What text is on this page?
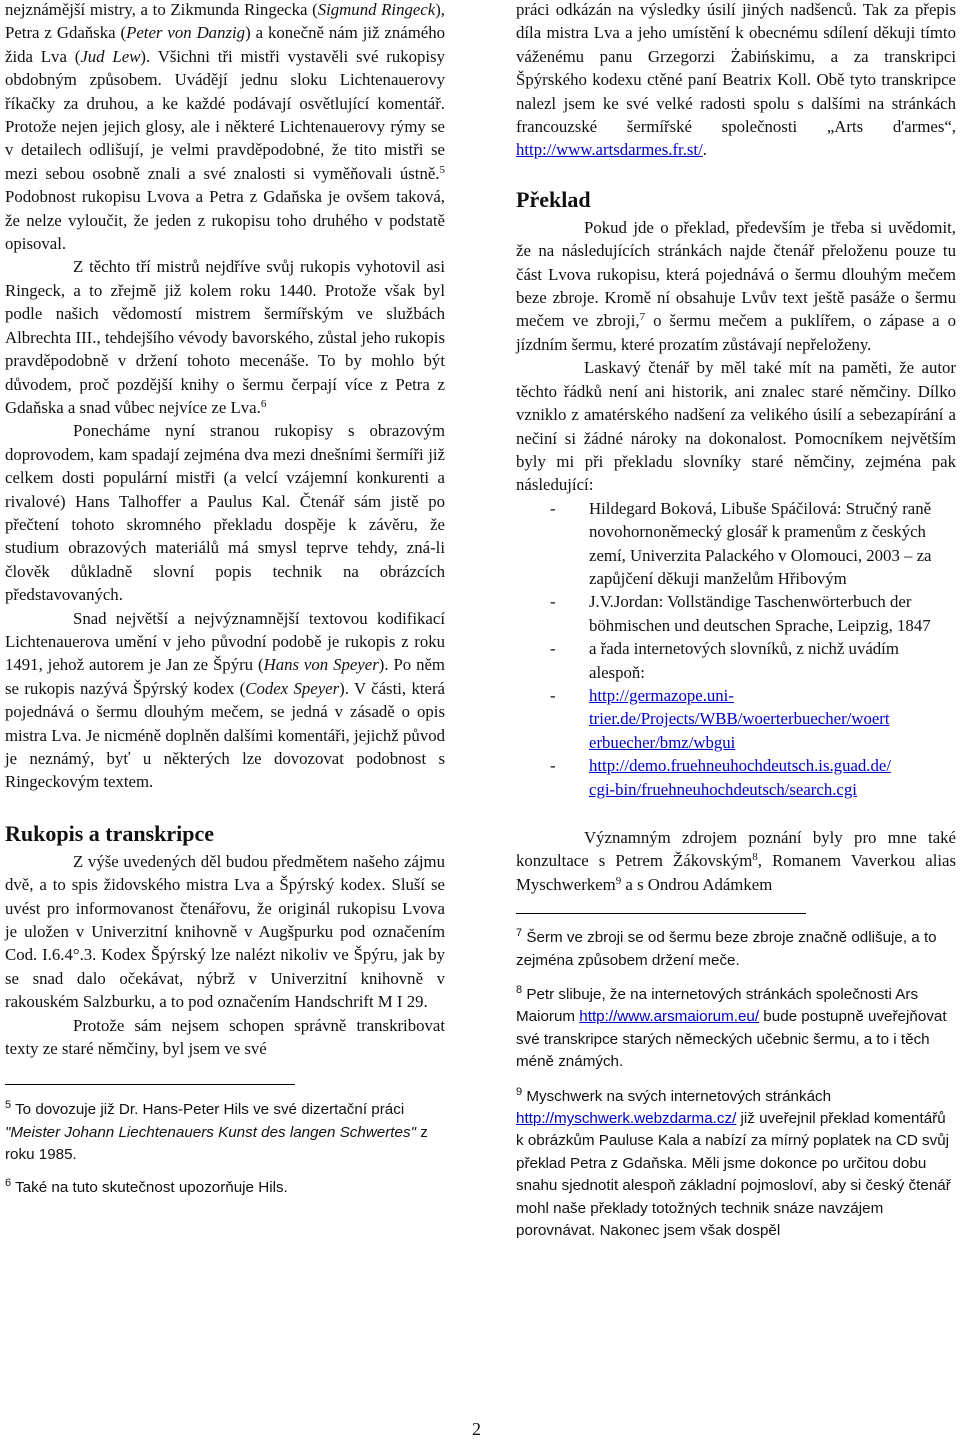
nejznámější mistry, a to Zikmunda Ringecka (Sigmund Ringeck), Petra z Gdaňska (Peter von Danzig) a konečně nám již známého žida Lva (Jud Lew). Všichni tři mistři vystavěli své rukopisy obdobným způsobem. Uvádějí jednu sloku Lichtenauerovy říkačky za druhou, a ke každé podávají osvětlující komentář. Protože nejen jejich glosy, ale i některé Lichtenauerovy rýmy se v detailech odlišují, je velmi pravděpodobné, že tito mistři se mezi sebou osobně znali a své znalosti si vyměňovali ústně.$^5$ Podobnost rukopisu Lvova a Petra z Gdaňska je ovšem taková, že nelze vyloučit, že jeden z rukopisu toho druhého v podstatě opisoval.

Z těchto tří mistrů nejdříve svůj rukopis vyhotovil asi Ringeck, a to zřejmě již kolem roku 1440. Protože však byl podle našich vědomostí mistrem šermířským ve službách Albrechta III., tehdejšího vévody bavorského, zůstal jeho rukopis pravděpodobně v držení tohoto mecenáše. To by mohlo být důvodem, proč pozdější knihy o šermu čerpají více z Petra z Gdaňska a snad vůbec nejvíce ze Lva.$^6$

Ponecháme nyní stranou rukopisy s obrazovým doprovodem, kam spadají zejména dva mezi dnešními šermíři již celkem dosti populární mistři (a velcí vzájemní konkurenti a rivalové) Hans Talhoffer a Paulus Kal. Čtenář sám jistě po přečtení tohoto skromného překladu dospěje k závěru, že studium obrazových materiálů má smysl teprve tehdy, zná-li člověk důkladně slovní popis technik na obrázcích představovaných.

Snad největší a nejvýznamnější textovou kodifikací Lichtenauerova umění v jeho původní podobě je rukopis z roku 1491, jehož autorem je Jan ze Špýru (Hans von Speyer). Po něm se rukopis nazývá Špýrský kodex (Codex Speyer). V části, která pojednává o šermu dlouhým mečem, se jedná v zásadě o opis mistra Lva. Je nicméně doplněn dalšími komentáři, jejichž původ je neznámý, byť u některých lze dovozovat podobnost s Ringeckovým textem.

Rukopis a transkripce

Z výše uvedených děl budou předmětem našeho zájmu dvě, a to spis židovského mistra Lva a Špýrský kodex. Sluší se uvést pro informovanost čtenářovu, že originál rukopisu Lvova je uložen v Univerzitní knihovně v Augšpurku pod označením Cod. I.6.4°.3. Kodex Špýrský lze nalézt nikoliv ve Špýru, jak by se snad dalo očekávat, nýbrž v Univerzitní knihovně v rakouském Salzburku, a to pod označením Handschrift M I 29.

Protože sám nejsem schopen správně transkribovat texty ze staré němčiny, byl jsem ve své

$^5$ To dovozuje již Dr. Hans-Peter Hils ve své dizertační práci "Meister Johann Liechtenauers Kunst des langen Schwertes" z roku 1985.

$^6$ Také na tuto skutečnost upozorňuje Hils.

práci odkázán na výsledky úsilí jiných nadšenců. Tak za přepis díla mistra Lva a jeho umístění k obecnému sdílení děkuji tímto váženému panu Grzegorzi Żabińskimu, a za transkripci Špýrského kodexu ctěné paní Beatrix Koll. Obě tyto transkripce nalezl jsem ke své velké radosti spolu s dalšími na stránkách francouzské šermířské společnosti „Arts d'armes“, http://www.artsdarmes.fr.st/.

Překlad

Pokud jde o překlad, především je třeba si uvědomit, že na následujících stránkách najde čtenář přeloženu pouze tu část Lvova rukopisu, která pojednává o šermu dlouhým mečem beze zbroje. Kromě ní obsahuje Lvův text ještě pasáže o šermu mečem ve zbroji,$^7$ o šermu mečem a puklířem, o zápase a o jízdním šermu, které prozatím zůstávají nepřeloženy.

Laskavý čtenář by měl také mít na paměti, že autor těchto řádků není ani historik, ani znalec staré němčiny. Dílko vzniklo z amatérského nadšení za velikého úsilí a sebezapírání a nečiní si žádné nároky na dokonalost. Pomocníkem největším byly mi při překladu slovníky staré němčiny, zejména pak následující:

- Hildegard Boková, Libuše Spáčilová: Stručný raně novohornoněmecký glosář k pramenům z českých zemí, Univerzita Palackého v Olomouci, 2003 – za zapůjčení děkuji manželům Hřibovým
- J.V.Jordan: Vollständige Taschenwörterbuch der böhmischen und deutschen Sprache, Leipzig, 1847
- a řada internetových slovníků, z nichž uvádím alespoň:
- http://germazope.uni-
trier.de/Projects/WBB/woerterbuecher/woert
erbuecher/bmz/wbgui
- http://demo.fruehneuhochdeutsch.is.guad.de/
cgi-bin/fruehneuhochdeutsch/search.cgi

Významným zdrojem poznání byly pro mne také konzultace s Petrem Žákovským$^8$, Romanem Vaverkou alias Myschwerkem$^9$ a s Ondrou Adámkem

$^7$ Šerm ve zbroji se od šermu beze zbroje značně odlišuje, a to zejména způsobem držení meče.

$^8$ Petr slibuje, že na internetových stránkách společnosti Ars Maiorum http://www.arsmaiorum.eu/ bude postupně uveřejňovat své transkripce starých německých učebnic šermu, a to i těch méně známých.

$^9$ Myschwerk na svých internetových stránkách http://myschwerk.webzdarma.cz/ již uveřejnil překlad komentářů k obrázkům Pauluse Kala a nabízí za mírný poplatek na CD svůj překlad Petra z Gdaňska. Měli jsme dokonce po určitou dobu snahu sjednotit alespoň základní pojmosloví, aby si český čtenář mohl naše překlady totožných technik snáze navzájem porovnávat. Nakonec jsem však dospěl

2
